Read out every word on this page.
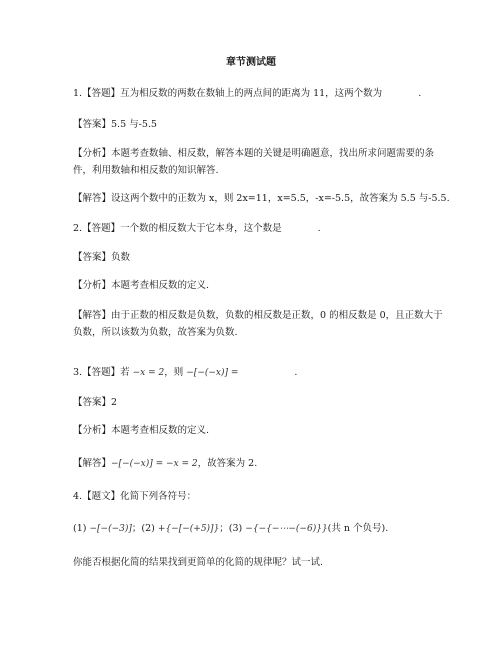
章节测试题
1.【答题】互为相反数的两数在数轴上的两点间的距离为 11，这两个数为	.
【答案】5.5 与-5.5
【分析】本题考查数轴、相反数，解答本题的关键是明确题意，找出所求问题需要的条件，利用数轴和相反数的知识解答.
【解答】设这两个数中的正数为 x，则 2x=11，x=5.5，-x=-5.5，故答案为 5.5 与-5.5.
2.【答题】一个数的相反数大于它本身，这个数是	.
【答案】负数
【分析】本题考查相反数的定义.
【解答】由于正数的相反数是负数，负数的相反数是正数，0 的相反数是 0，且正数大于负数，所以该数为负数，故答案为负数.
3.【答题】若 −x = 2，则 −[−(−x)] =	.
【答案】2
【分析】本题考查相反数的定义.
【解答】−[−(−x)] = −x = 2，故答案为 2.
4.【题文】化简下列各符号：
(1) −[−(−3)]；(2) +{−[−(+5)]}；(3) −{−{−⋯−(−6)}}(共 n 个负号).
你能否根据化简的结果找到更简单的化简的规律呢？试一试.
